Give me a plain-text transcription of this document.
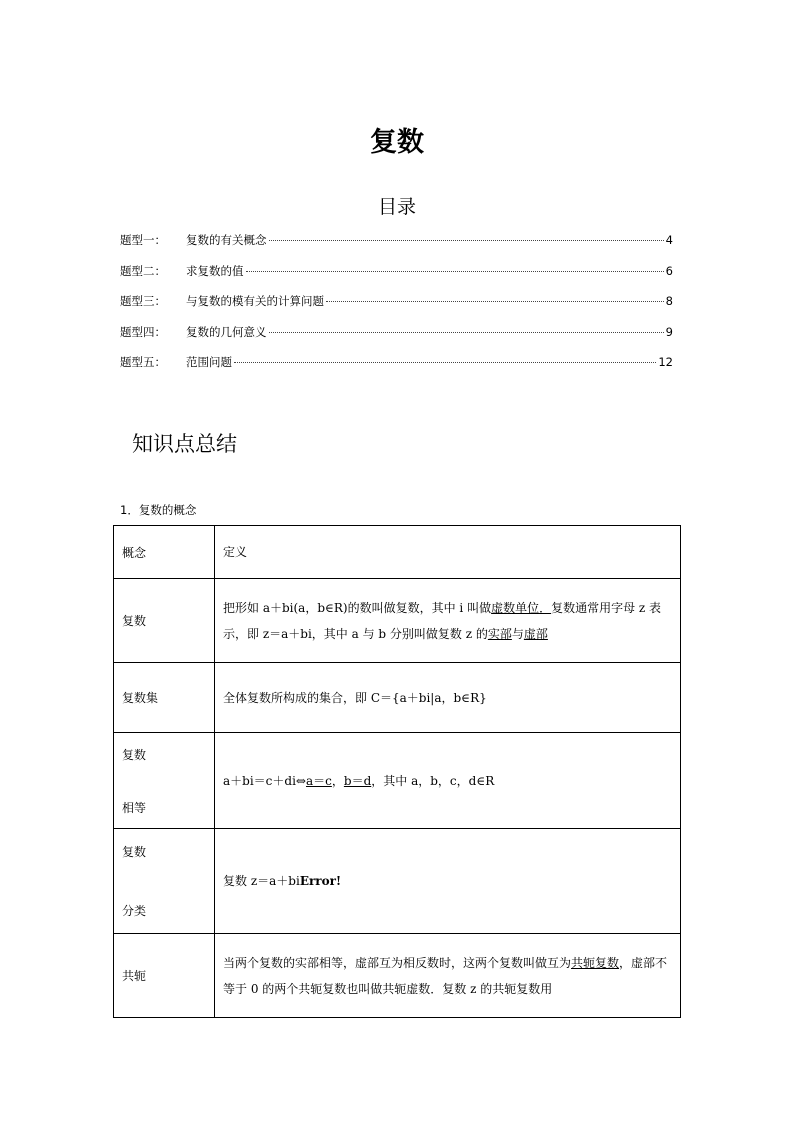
复数
目录
题型一：	复数的有关概念	4
题型二：	求复数的值	6
题型三：	与复数的模有关的计算问题	8
题型四：	复数的几何意义	9
题型五：	范围问题	12
知识点总结
1．复数的概念
概念	定义
复数	把形如 a＋bi(a，b∈R)的数叫做复数，其中 i 叫做虚数单位．复数通常用字母 z 表示，即 z＝a＋bi，其中 a 与 b 分别叫做复数 z 的实部与虚部
复数集	全体复数所构成的集合，即 C＝{a＋bi|a，b∈R}

复数
相等	a＋bi＝c＋di⇔a＝c，b＝d，其中 a，b，c，d∈R

复数
分类	复数 z＝a＋biError!
共轭	当两个复数的实部相等，虚部互为相反数时，这两个复数叫做互为共轭复数，虚部不等于 0 的两个共轭复数也叫做共轭虚数．复数 z 的共轭复数用
